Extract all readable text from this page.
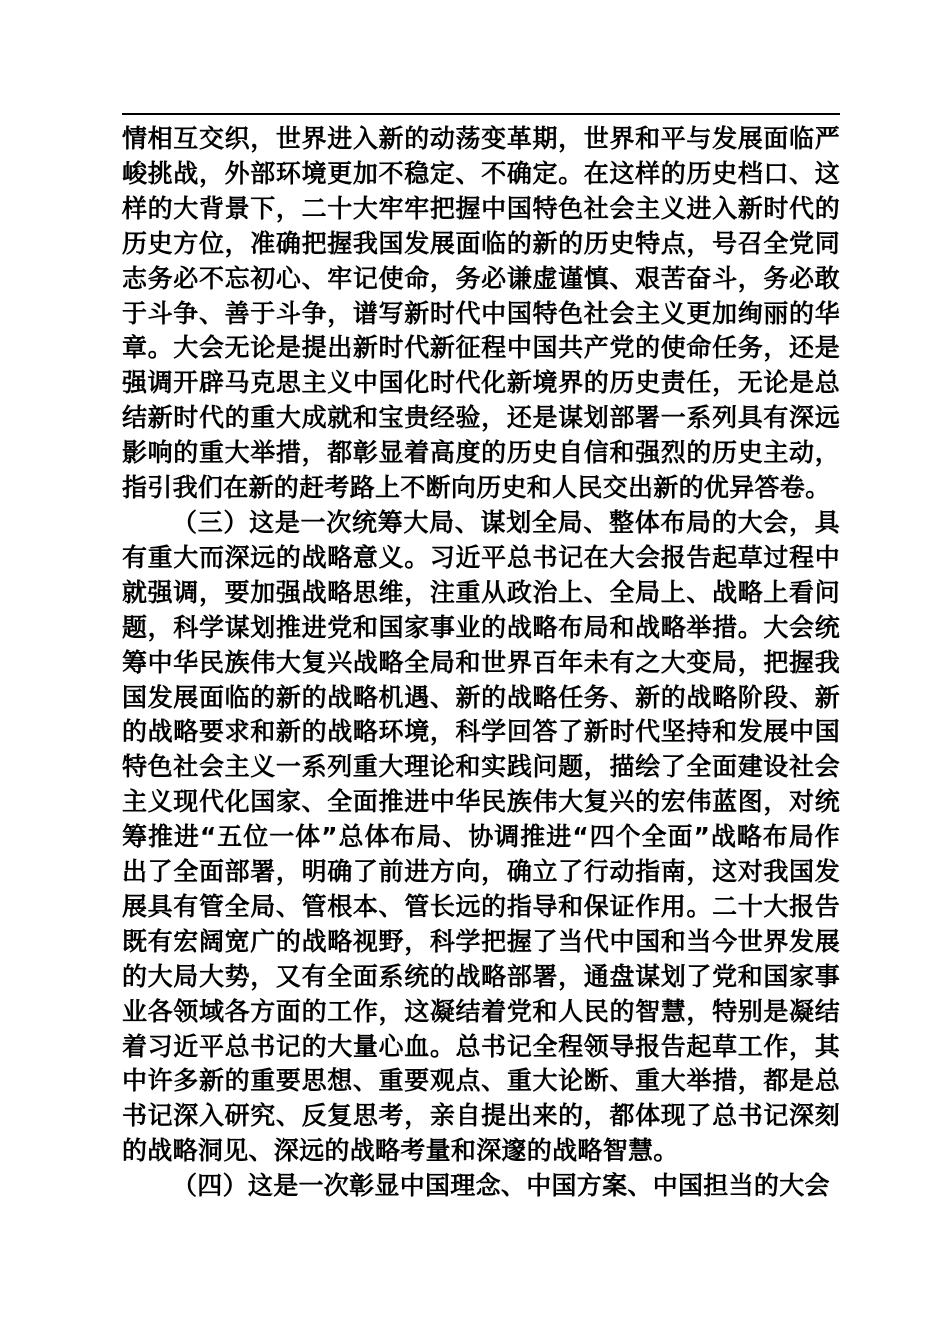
情相互交织，世界进入新的动荡变革期，世界和平与发展面临严峻挑战，外部环境更加不稳定、不确定。在这样的历史档口、这样的大背景下，二十大牢牢把握中国特色社会主义进入新时代的历史方位，准确把握我国发展面临的新的历史特点，号召全党同志务必不忘初心、牢记使命，务必谦虚谨慎、艰苦奋斗，务必敢于斗争、善于斗争，谱写新时代中国特色社会主义更加绚丽的华章。大会无论是提出新时代新征程中国共产党的使命任务，还是强调开辟马克思主义中国化时代化新境界的历史责任，无论是总结新时代的重大成就和宝贵经验，还是谋划部署一系列具有深远影响的重大举措，都彰显着高度的历史自信和强烈的历史主动，指引我们在新的赶考路上不断向历史和人民交出新的优异答卷。

（三）这是一次统筹大局、谋划全局、整体布局的大会，具有重大而深远的战略意义。习近平总书记在大会报告起草过程中就强调，要加强战略思维，注重从政治上、全局上、战略上看问题，科学谋划推进党和国家事业的战略布局和战略举措。大会统筹中华民族伟大复兴战略全局和世界百年未有之大变局，把握我国发展面临的新的战略机遇、新的战略任务、新的战略阶段、新的战略要求和新的战略环境，科学回答了新时代坚持和发展中国特色社会主义一系列重大理论和实践问题，描绘了全面建设社会主义现代化国家、全面推进中华民族伟大复兴的宏伟蓝图，对统筹推进“五位一体”总体布局、协调推进“四个全面”战略布局作出了全面部署，明确了前进方向，确立了行动指南，这对我国发展具有管全局、管根本、管长远的指导和保证作用。二十大报告既有宏阔宽广的战略视野，科学把握了当代中国和当今世界发展的大局大势，又有全面系统的战略部署，通盘谋划了党和国家事业各领域各方面的工作，这凝结着党和人民的智慧，特别是凝结着习近平总书记的大量心血。总书记全程领导报告起草工作，其中许多新的重要思想、重要观点、重大论断、重大举措，都是总书记深入研究、反复思考，亲自提出来的，都体现了总书记深刻的战略洞见、深远的战略考量和深邃的战略智慧。

（四）这是一次彰显中国理念、中国方案、中国担当的大会
